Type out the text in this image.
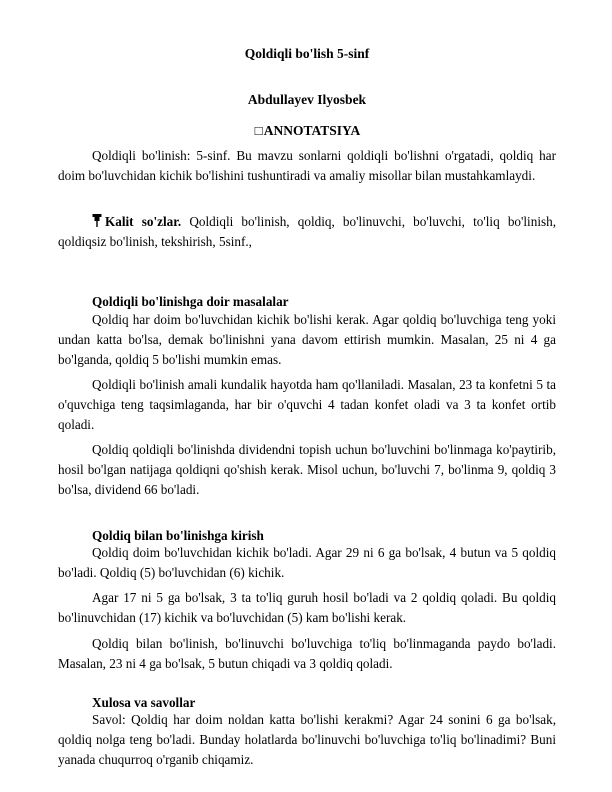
Qoldiqli bo'lish 5-sinf
Abdullayev Ilyosbek
□ANNOTATSIYA

Qoldiqli bo'linish: 5-sinf. Bu mavzu sonlarni qoldiqli bo'lishni o'rgatadi, qoldiq har doim bo'luvchidan kichik bo'lishini tushuntiradi va amaliy misollar bilan mustahkamlaydi.

Kalit so'zlar. Qoldiqli bo'linish, qoldiq, bo'linuvchi, bo'luvchi, to'liq bo'linish, qoldiqsiz bo'linish, tekshirish, 5sinf.,

Qoldiqli bo'linishga doir masalalar

Qoldiq har doim bo'luvchidan kichik bo'lishi kerak. Agar qoldiq bo'luvchiga teng yoki undan katta bo'lsa, demak bo'linishni yana davom ettirish mumkin. Masalan, 25 ni 4 ga bo'lganda, qoldiq 5 bo'lishi mumkin emas.

Qoldiqli bo'linish amali kundalik hayotda ham qo'llaniladi. Masalan, 23 ta konfetni 5 ta o'quvchiga teng taqsimlaganda, har bir o'quvchi 4 tadan konfet oladi va 3 ta konfet ortib qoladi.

Qoldiq qoldiqli bo'linishda dividendni topish uchun bo'luvchini bo'linmaga ko'paytirib, hosil bo'lgan natijaga qoldiqni qo'shish kerak. Misol uchun, bo'luvchi 7, bo'linma 9, qoldiq 3 bo'lsa, dividend 66 bo'ladi.

Qoldiq bilan bo'linishga kirish

Qoldiq doim bo'luvchidan kichik bo'ladi. Agar 29 ni 6 ga bo'lsak, 4 butun va 5 qoldiq bo'ladi. Qoldiq (5) bo'luvchidan (6) kichik.

Agar 17 ni 5 ga bo'lsak, 3 ta to'liq guruh hosil bo'ladi va 2 qoldiq qoladi. Bu qoldiq bo'linuvchidan (17) kichik va bo'luvchidan (5) kam bo'lishi kerak.

Qoldiq bilan bo'linish, bo'linuvchi bo'luvchiga to'liq bo'linmaganda paydo bo'ladi. Masalan, 23 ni 4 ga bo'lsak, 5 butun chiqadi va 3 qoldiq qoladi.

Xulosa va savollar

Savol: Qoldiq har doim noldan katta bo'lishi kerakmi? Agar 24 sonini 6 ga bo'lsak, qoldiq nolga teng bo'ladi. Bunday holatlarda bo'linuvchi bo'luvchiga to'liq bo'linadimi? Buni yanada chuqurroq o'rganib chiqamiz.
